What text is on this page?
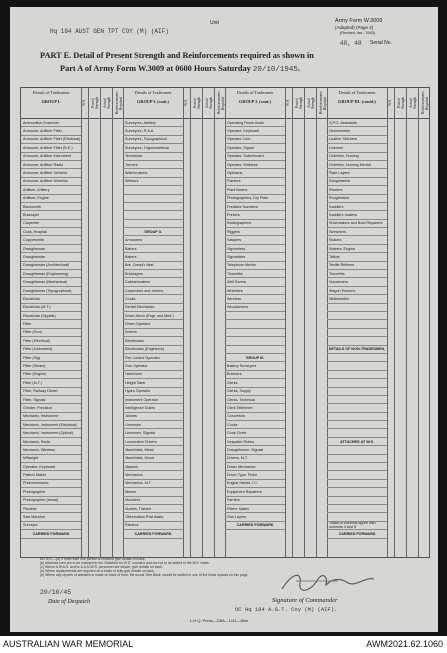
Hq 184 AUST GEN TPT COY (M) (AIF)
Unit	Army Form W.3009
(Adapted) (Page 2)
(Revised Jan., 1943)
48, 48 Serial No.
PART E. Detail of Present Strength and Reinforcements required as shown in
Part A of Army Form W.3009 at 0600 Hours Saturday 20/10/1945.
Details of Tradesmen
GROUP I.	W.S. Posted Strength Actual Strength Reinforcements Required
Details of Tradesmen
GROUP I. (cont.)	W.S. Posted Strength Actual Strength Reinforcements Required
Details of Tradesmen
GROUP I. (cont.)	W.S. Posted Strength Actual Strength Reinforcements Required
Details of Tradesmen
GROUP III. (contd.)	W.S. Posted Strength Actual Strength Reinforcements Required
Ammunition Examiner
Armourer, Artificer Fitter
Armourer, Artificer Fitter (Electrical)
Armourer, Artificer Fitter (R.E.)
Armourer, Artificer Instrument
Armourer, Artificer Radio
Armourer, Artificer Vehicles
Armourer, Artificer Wireless
Artificer, Artillery
Artificer, Engine
Blacksmith
Bricklayer
Carpenter
Cook, Hospital
Coppersmith
Draughtsman
Draughtsman
Draughtsman (Architectural)
Draughtsman (Engineering)
Draughtsman (Mechanical)
Draughtsman (Topographical)
Electrician
Electrician (M.T.)
Electrician (Signals)
Fitter
Fitter (Gun)
Fitter (Electrical)
Fitter (Instrument)
Fitter (Sig)
Fitter (Steam)
Fitter (Engine)
Fitter (M.T.)
Fitter, Railway Diesel
Fitter, Signals
Grinder, Precision
Mechanic, Instrument
Mechanic, Instrument (Electrical)
Mechanic, Instrument (Optical)
Mechanic, Radio
Mechanic, Wireless
Millwright
Operator, Keyboard
Pattern Maker
Photomechanic
Photographer
Photographer (Aerial)
Plumber
Saw Machine
Surveyor
CARRIED FORWARD
Surveyors, Artillery
Surveyors, R.A.A.
Surveyors, Topographical
Surveyors, Trigonometrical
Technician
Turners
Watchmakers
Welders
GROUP II.
Armourers
Bakers
Bakers
Bdr. Compt'r Asst.
Bricklayers
Cabinetmakers
Carpenters and Joiners
Cooks
Dental Mechanics
Driver-Mech (Engr. and Med.)
Driver-Operator
Drivers
Electricians
Electricians (Engineers)
Fire Control Operator
Gun Operator
Hatchmen
Height Taker
Hydro Operator
Instrument Operator
Intelligence Duties
Joiners
Linesmen
Linesmen, Signals
Locomotive Drivers
Machinists, Metal
Machinists, Wood
Masons
Mechanics
Mechanics, M.T.
Miners
Moulders
Nurses, Trained
Observation Post Assts.
Painters
CARRIED FORWARD
Operating Room Assts.
Operator, Keyboard
Operator, Line
Operator, Signal
Operator, Switchboard
Operator, Wireless
Opticians
Painters
Plant Borers
Photographers, Dry Plate
Predictor Numbers
Printers
Radiographers
Riggers
Sawyers
Signwriters
Signwriters
Telephone Mechs.
Tinsmiths
Well Borers
Wheelers
Wireless
Woodturners
GROUP III.
Battery Surveyors
Butchers
Clerks
Clerks, Supply
Clerks, Technical
Clerk Tellermen
Concretors
Cooks
Cook Chefs
Despatch Riders
Draughtsmen, Signals
Drivers, M.T.
Driver Mechanics
Driver Type, Fixed
Engine Hands, I.C.
Equipment Repairers
Farriers
Fitters' Mates
Gun Layers
CARRIED FORWARD
S.P.O. Assistants
Hammermen
Leather Stitchers
Linemen
Orderlies, Nursing
Orderlies, Nursing Mental
Plate Layers
Rangetakers
Riveters
Roughriders
Saddlers
Saddlers makers
Shoemakers and Boot Repairers
Stretchers
Stokers
Stokers, Engine
Tailors
Textile Refiners
Tinsmiths
Vulcanizers
Wagon Erectors
Whitesmiths
DETAILS OF NON-TRADESMEN.
ATTACHED AT W.S.
Totals of columns agree with columns 4 and 5
CARRIED FORWARD
NOTES.—(a) If more than one person is involved give details on back.
(b) Attached men are to be included in the 'Attached for W.S.' columns and are not to be added to the W.S. totals.
(c) Where A.W.A.S. and/or A.A.M.W.S. personnel are shown, give details on back.
(d) Where replacements are required on a basis of duty give details on back.
(e) Where any reports of activities is made on back of form, the words 'See Back' should be written in one of the blank spaces on this page.
20/10/45
Date of Despatch	Signature of Commander
OC Hq 184 A.G.T. Coy (M) (AIF).
L.H.Q. Press—D8A—1/41—60m.
AUSTRALIAN WAR MEMORIAL	AWM2021.62.1060
